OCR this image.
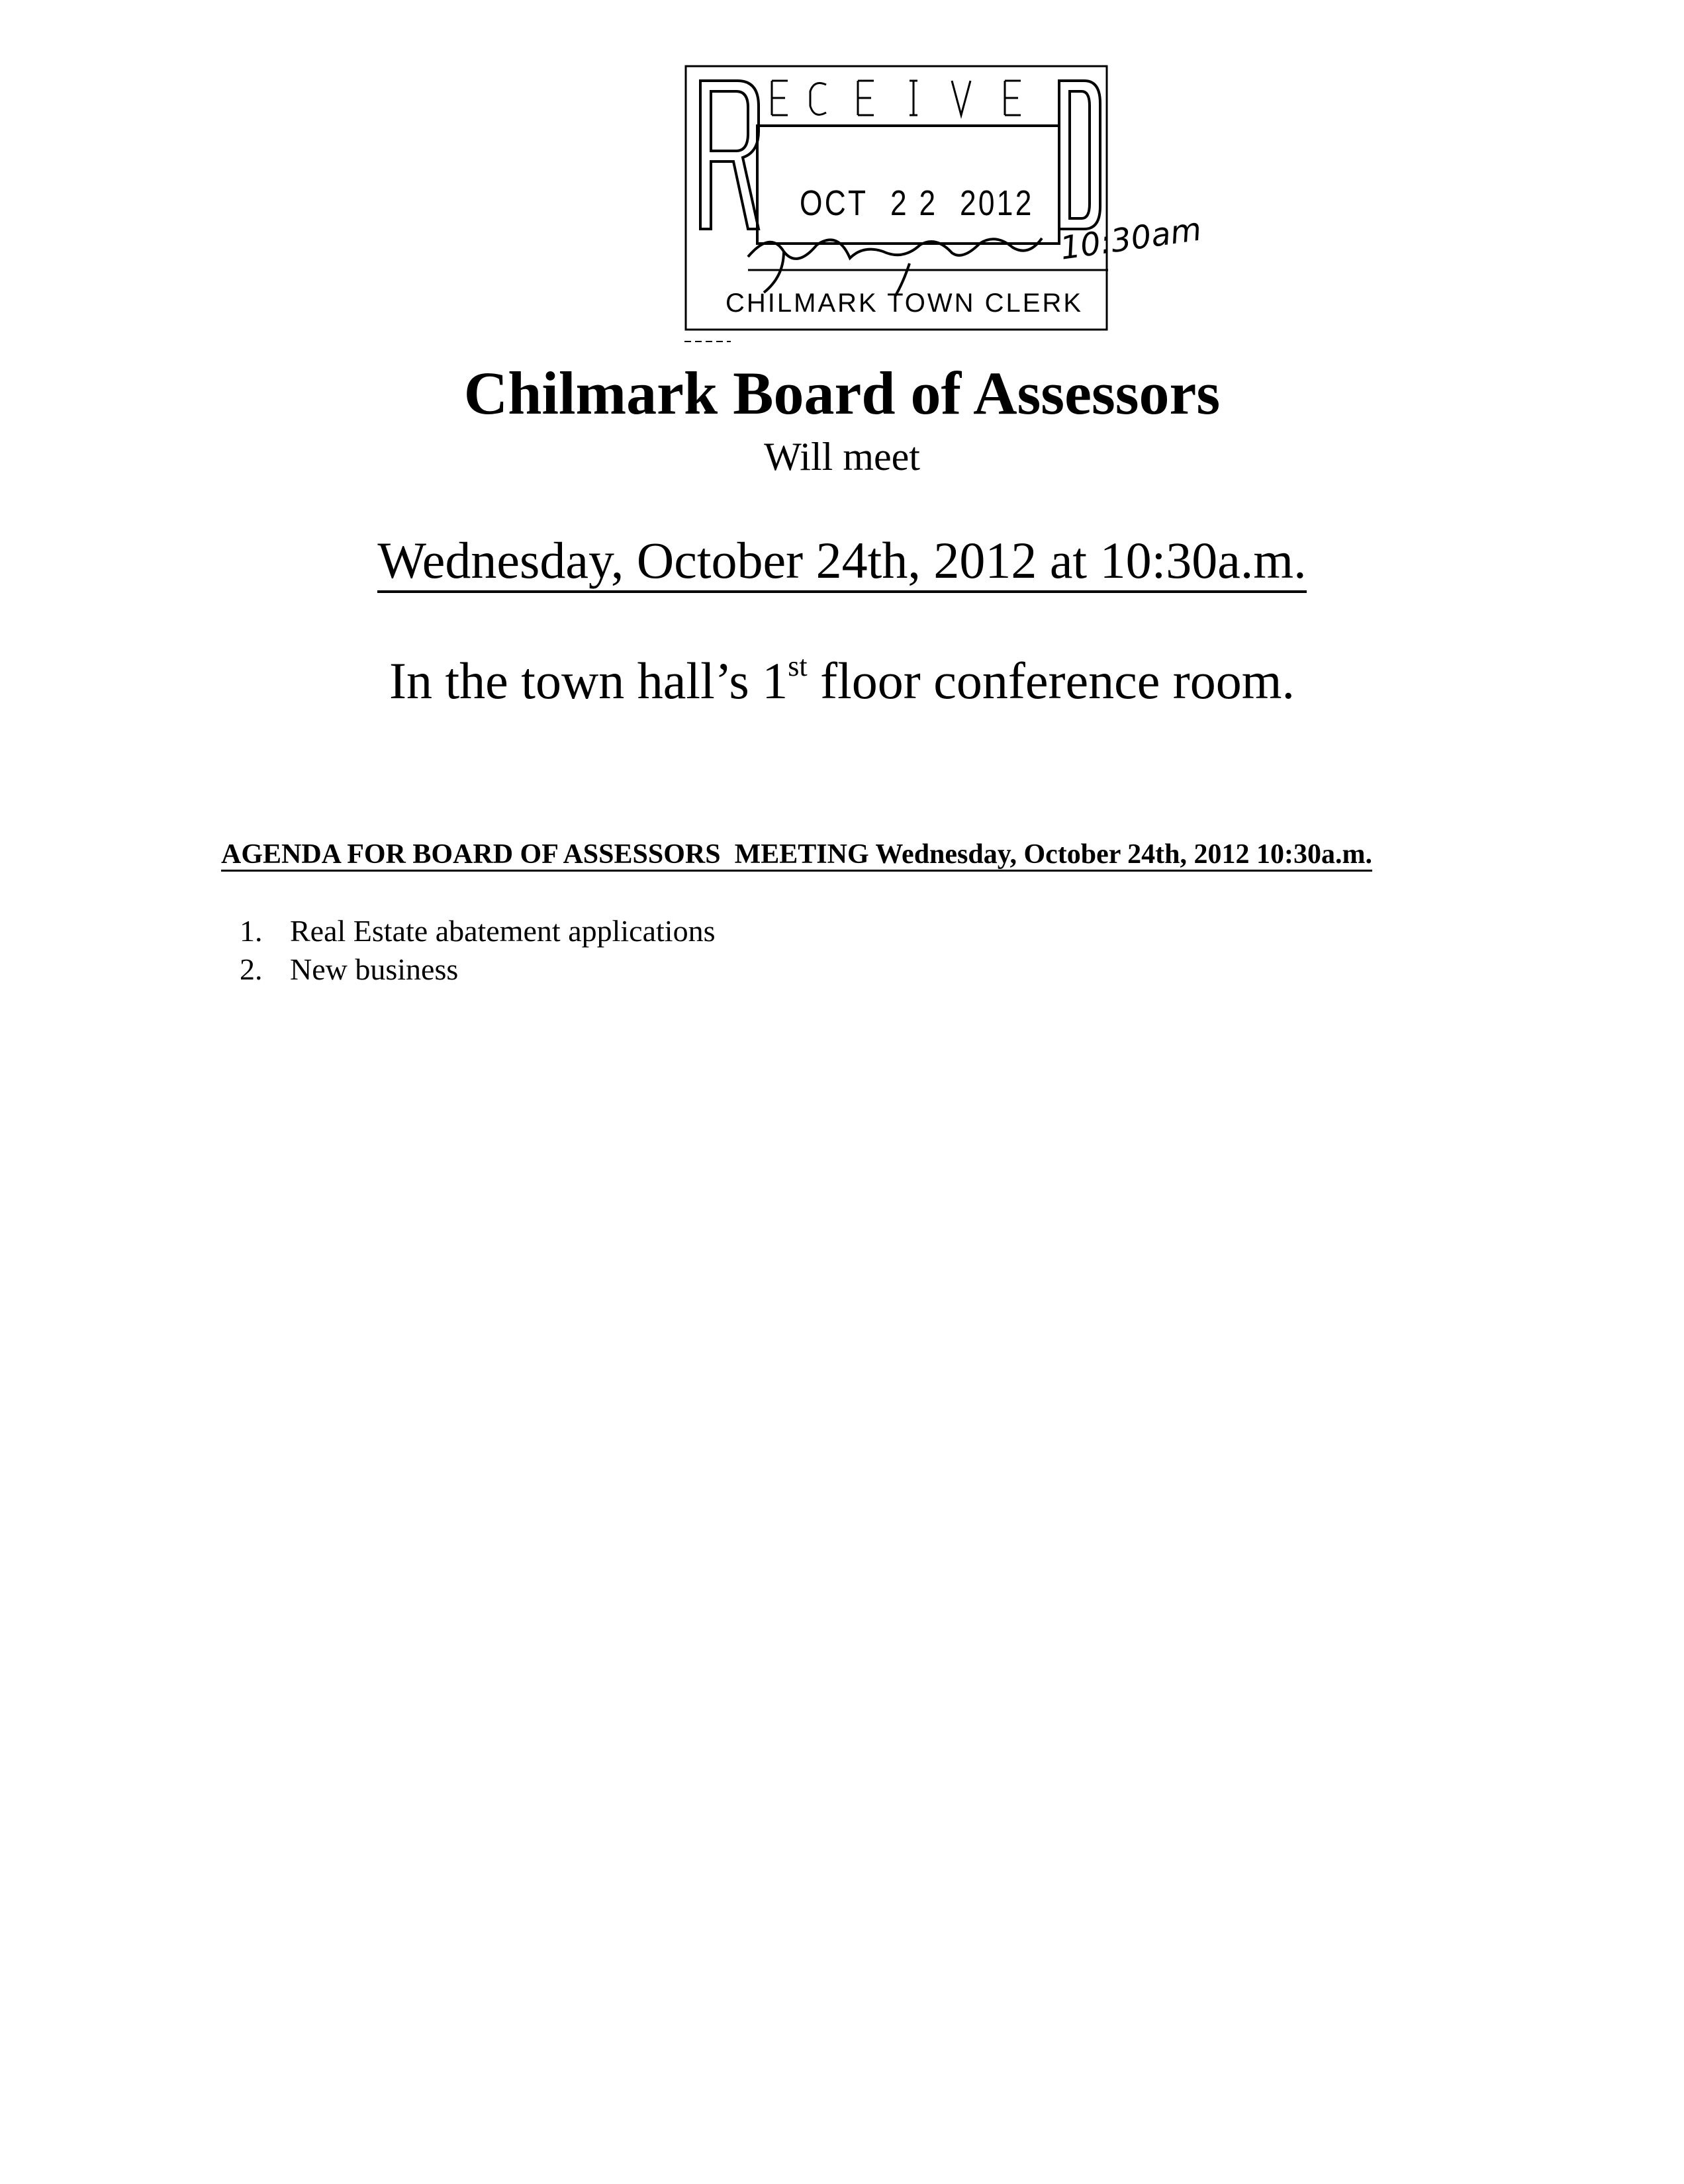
OCT 2 2 2012
CHILMARK TOWN CLERK
10:30am
Chilmark Board of Assessors
Will meet
Wednesday, October 24th, 2012 at 10:30a.m.
In the town hall’s 1st floor conference room.
AGENDA FOR BOARD OF ASSESSORS  MEETING Wednesday, October 24th, 2012 10:30a.m.
1. Real Estate abatement applications
2. New business
